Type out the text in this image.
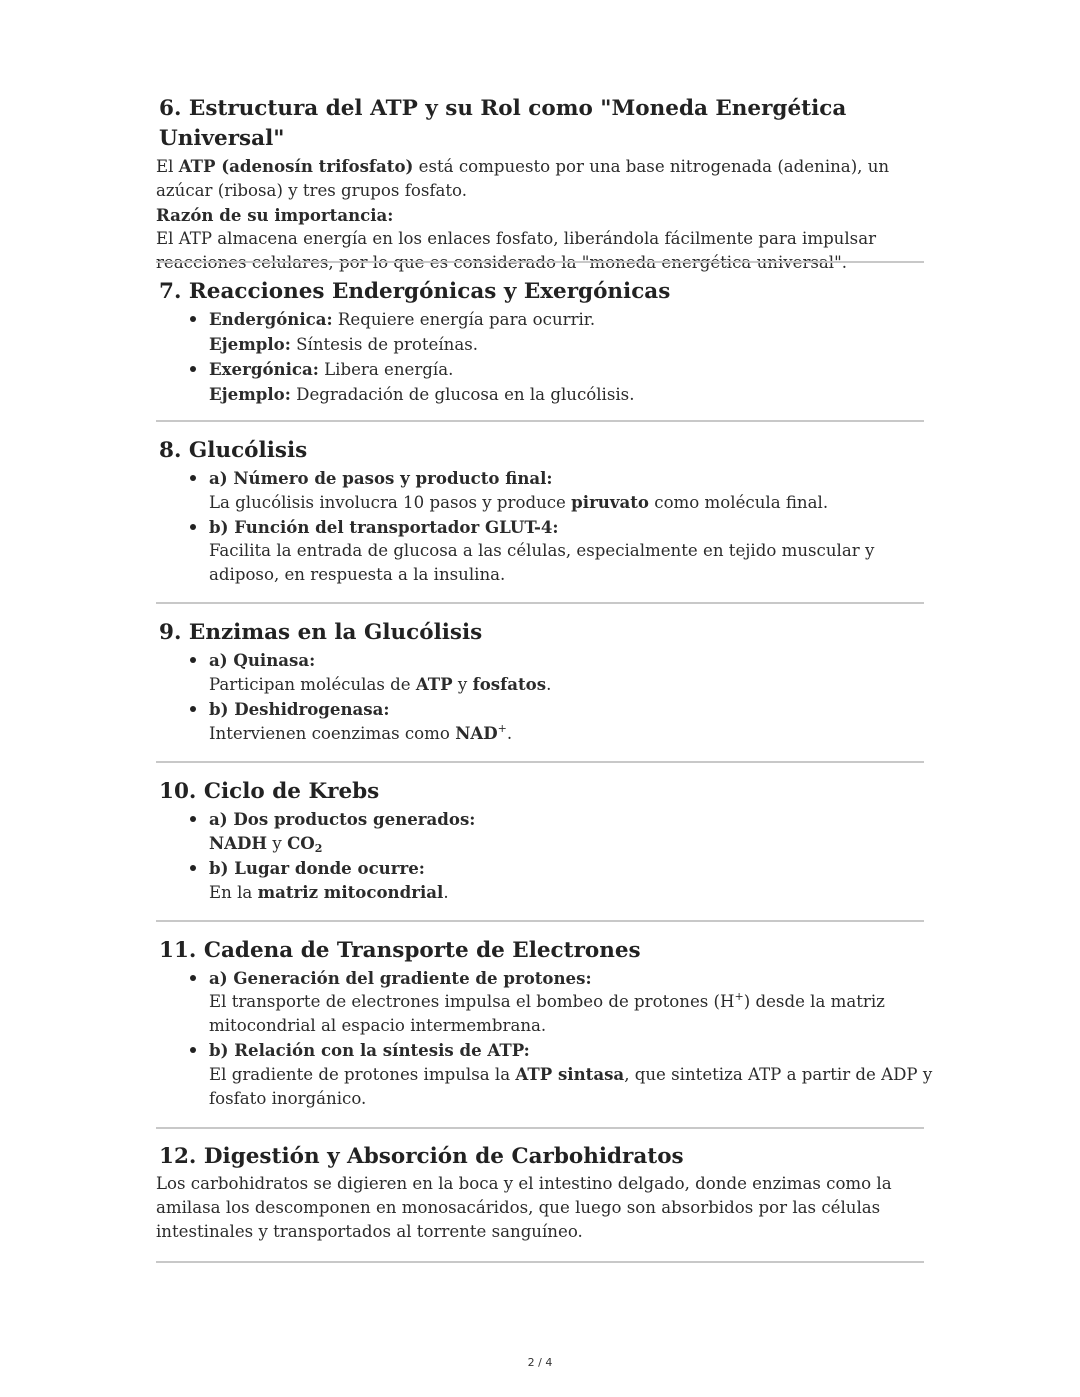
6. Estructura del ATP y su Rol como "Moneda Energética Universal"

El ATP (adenosín trifosfato) está compuesto por una base nitrogenada (adenina), un

azúcar (ribosa) y tres grupos fosfato.

Razón de su importancia:

El ATP almacena energía en los enlaces fosfato, liberándola fácilmente para impulsar

reacciones celulares, por lo que es considerado la "moneda energética universal".

7. Reacciones Endergónicas y Exergónicas

Endergónica: Requiere energía para ocurrir.

Ejemplo: Síntesis de proteínas.

Exergónica: Libera energía.

Ejemplo: Degradación de glucosa en la glucólisis.

8. Glucólisis

a) Número de pasos y producto final:

La glucólisis involucra 10 pasos y produce piruvato como molécula final.

b) Función del transportador GLUT-4:

Facilita la entrada de glucosa a las células, especialmente en tejido muscular y

adiposo, en respuesta a la insulina.

9. Enzimas en la Glucólisis

a) Quinasa:

Participan moléculas de ATP y fosfatos.

b) Deshidrogenasa:

Intervienen coenzimas como NAD+.

10. Ciclo de Krebs

a) Dos productos generados:

NADH y $CO_2$

b) Lugar donde ocurre:

En la matriz mitocondrial.

11. Cadena de Transporte de Electrones

a) Generación del gradiente de protones:

El transporte de electrones impulsa el bombeo de protones (H+) desde la matriz

mitocondrial al espacio intermembrana.

b) Relación con la síntesis de ATP:

El gradiente de protones impulsa la ATP sintasa, que sintetiza ATP a partir de ADP y

fosfato inorgánico.

12. Digestión y Absorción de Carbohidratos

Los carbohidratos se digieren en la boca y el intestino delgado, donde enzimas como la

amilasa los descomponen en monosacáridos, que luego son absorbidos por las células

intestinales y transportados al torrente sanguíneo.

2 / 4
